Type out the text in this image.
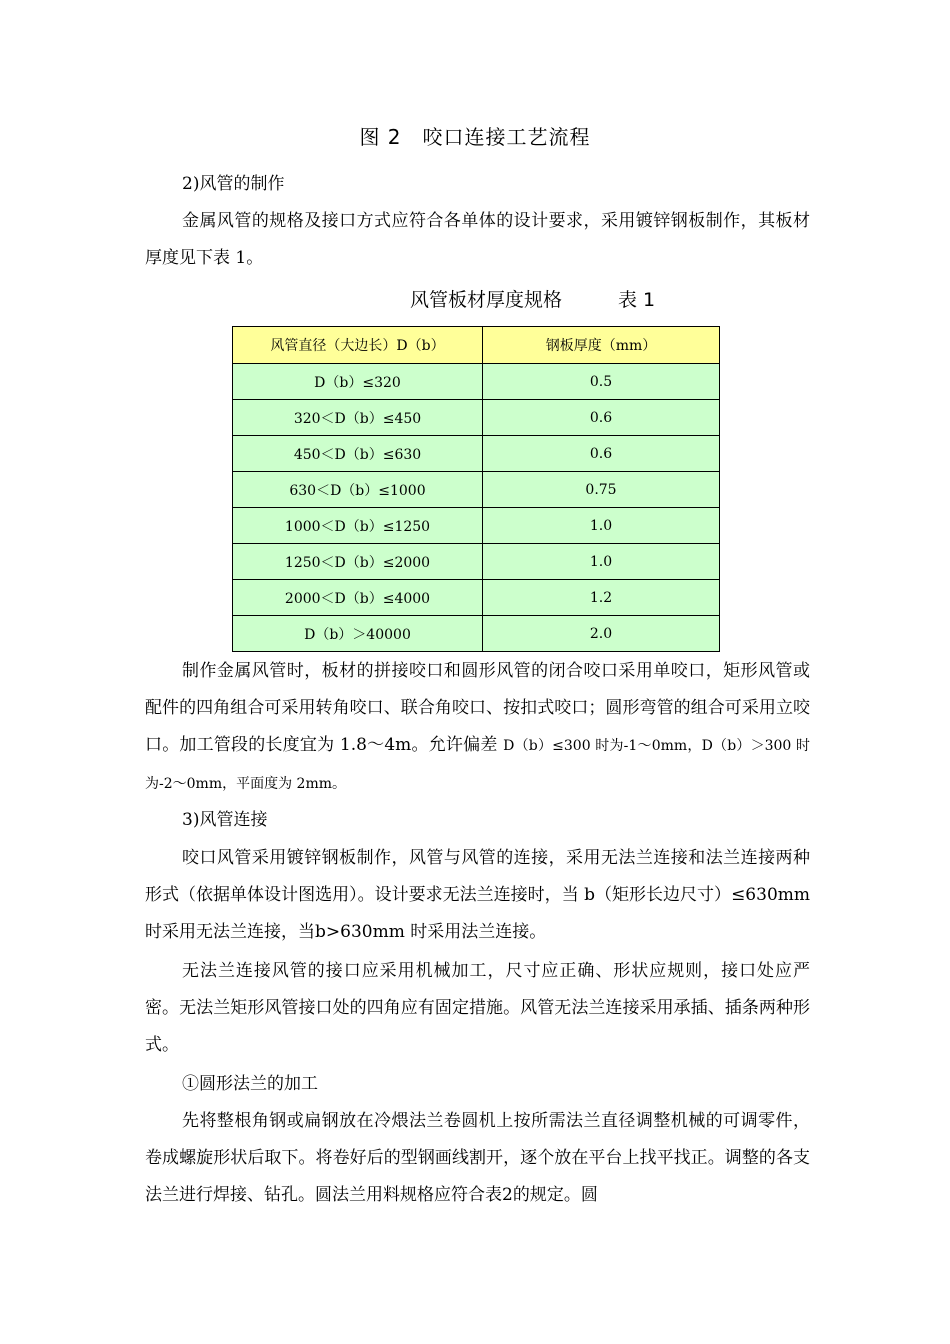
图 2　咬口连接工艺流程
2)风管的制作
金属风管的规格及接口方式应符合各单体的设计要求，采用镀锌钢板制作，其板材厚度见下表 1。
风管板材厚度规格	表 1
风管直径（大边长）D（b）	钢板厚度（mm）
D（b）≤320	0.5
320＜D（b）≤450	0.6
450＜D（b）≤630	0.6
630＜D（b）≤1000	0.75
1000＜D（b）≤1250	1.0
1250＜D（b）≤2000	1.0
2000＜D（b）≤4000	1.2
D（b）＞40000	2.0
制作金属风管时，板材的拼接咬口和圆形风管的闭合咬口采用单咬口，矩形风管或配件的四角组合可采用转角咬口、联合角咬口、按扣式咬口；圆形弯管的组合可采用立咬口。加工管段的长度宜为 1.8～4m。允许偏差 D（b）≤300 时为-1～0mm，D（b）＞300 时为-2～0mm，平面度为 2mm。
3)风管连接
咬口风管采用镀锌钢板制作，风管与风管的连接，采用无法兰连接和法兰连接两种形式（依据单体设计图选用）。设计要求无法兰连接时，当 b（矩形长边尺寸）≤630mm 时采用无法兰连接，当b>630mm 时采用法兰连接。
无法兰连接风管的接口应采用机械加工，尺寸应正确、形状应规则，接口处应严密。无法兰矩形风管接口处的四角应有固定措施。风管无法兰连接采用承插、插条两种形式。
①圆形法兰的加工
先将整根角钢或扁钢放在冷煨法兰卷圆机上按所需法兰直径调整机械的可调零件，卷成螺旋形状后取下。将卷好后的型钢画线割开，逐个放在平台上找平找正。调整的各支法兰进行焊接、钻孔。圆法兰用料规格应符合表2的规定。圆
